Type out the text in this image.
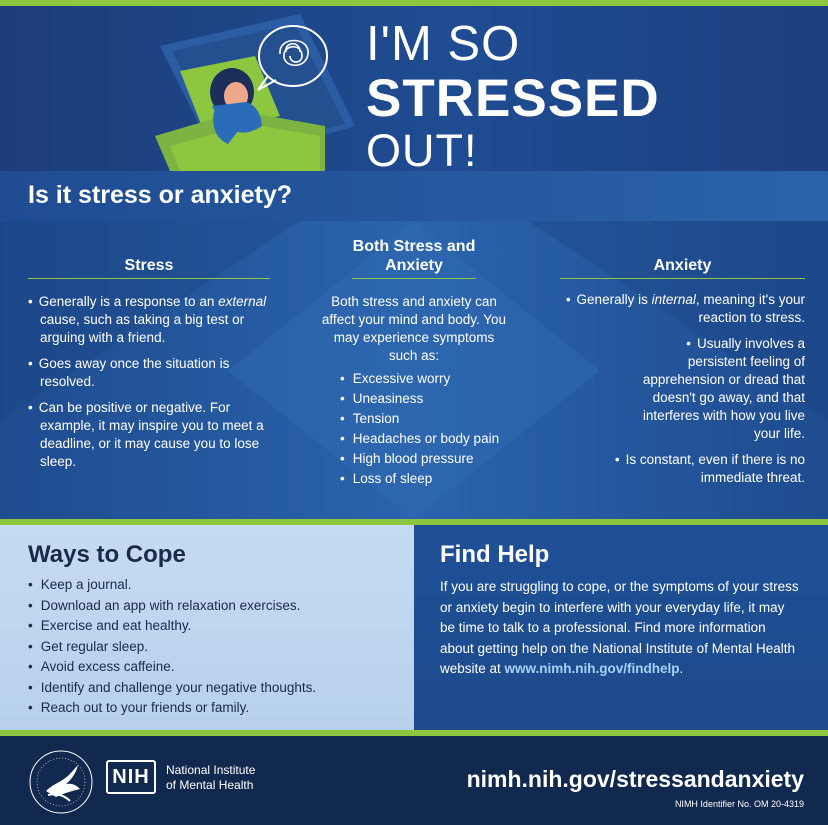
I'M SO
STRESSED
OUT!
Is it stress or anxiety?
Stress
• Generally is a response to an external cause, such as taking a big test or arguing with a friend.
• Goes away once the situation is resolved.
• Can be positive or negative. For example, it may inspire you to meet a deadline, or it may cause you to lose sleep.
Both Stress and Anxiety
Both stress and anxiety can affect your mind and body. You may experience symptoms such as:
• Excessive worry
• Uneasiness
• Tension
• Headaches or body pain
• High blood pressure
• Loss of sleep
Anxiety
• Generally is internal, meaning it's your reaction to stress.
• Usually involves a persistent feeling of apprehension or dread that doesn't go away, and that interferes with how you live your life.
• Is constant, even if there is no immediate threat.
Ways to Cope
• Keep a journal.
• Download an app with relaxation exercises.
• Exercise and eat healthy.
• Get regular sleep.
• Avoid excess caffeine.
• Identify and challenge your negative thoughts.
• Reach out to your friends or family.
Find Help
If you are struggling to cope, or the symptoms of your stress or anxiety begin to interfere with your everyday life, it may be time to talk to a professional. Find more information about getting help on the National Institute of Mental Health website at www.nimh.nih.gov/findhelp.
NIH National Institute
of Mental Health	nimh.nih.gov/stressandanxiety
NIMH Identifier No. OM 20-4319
